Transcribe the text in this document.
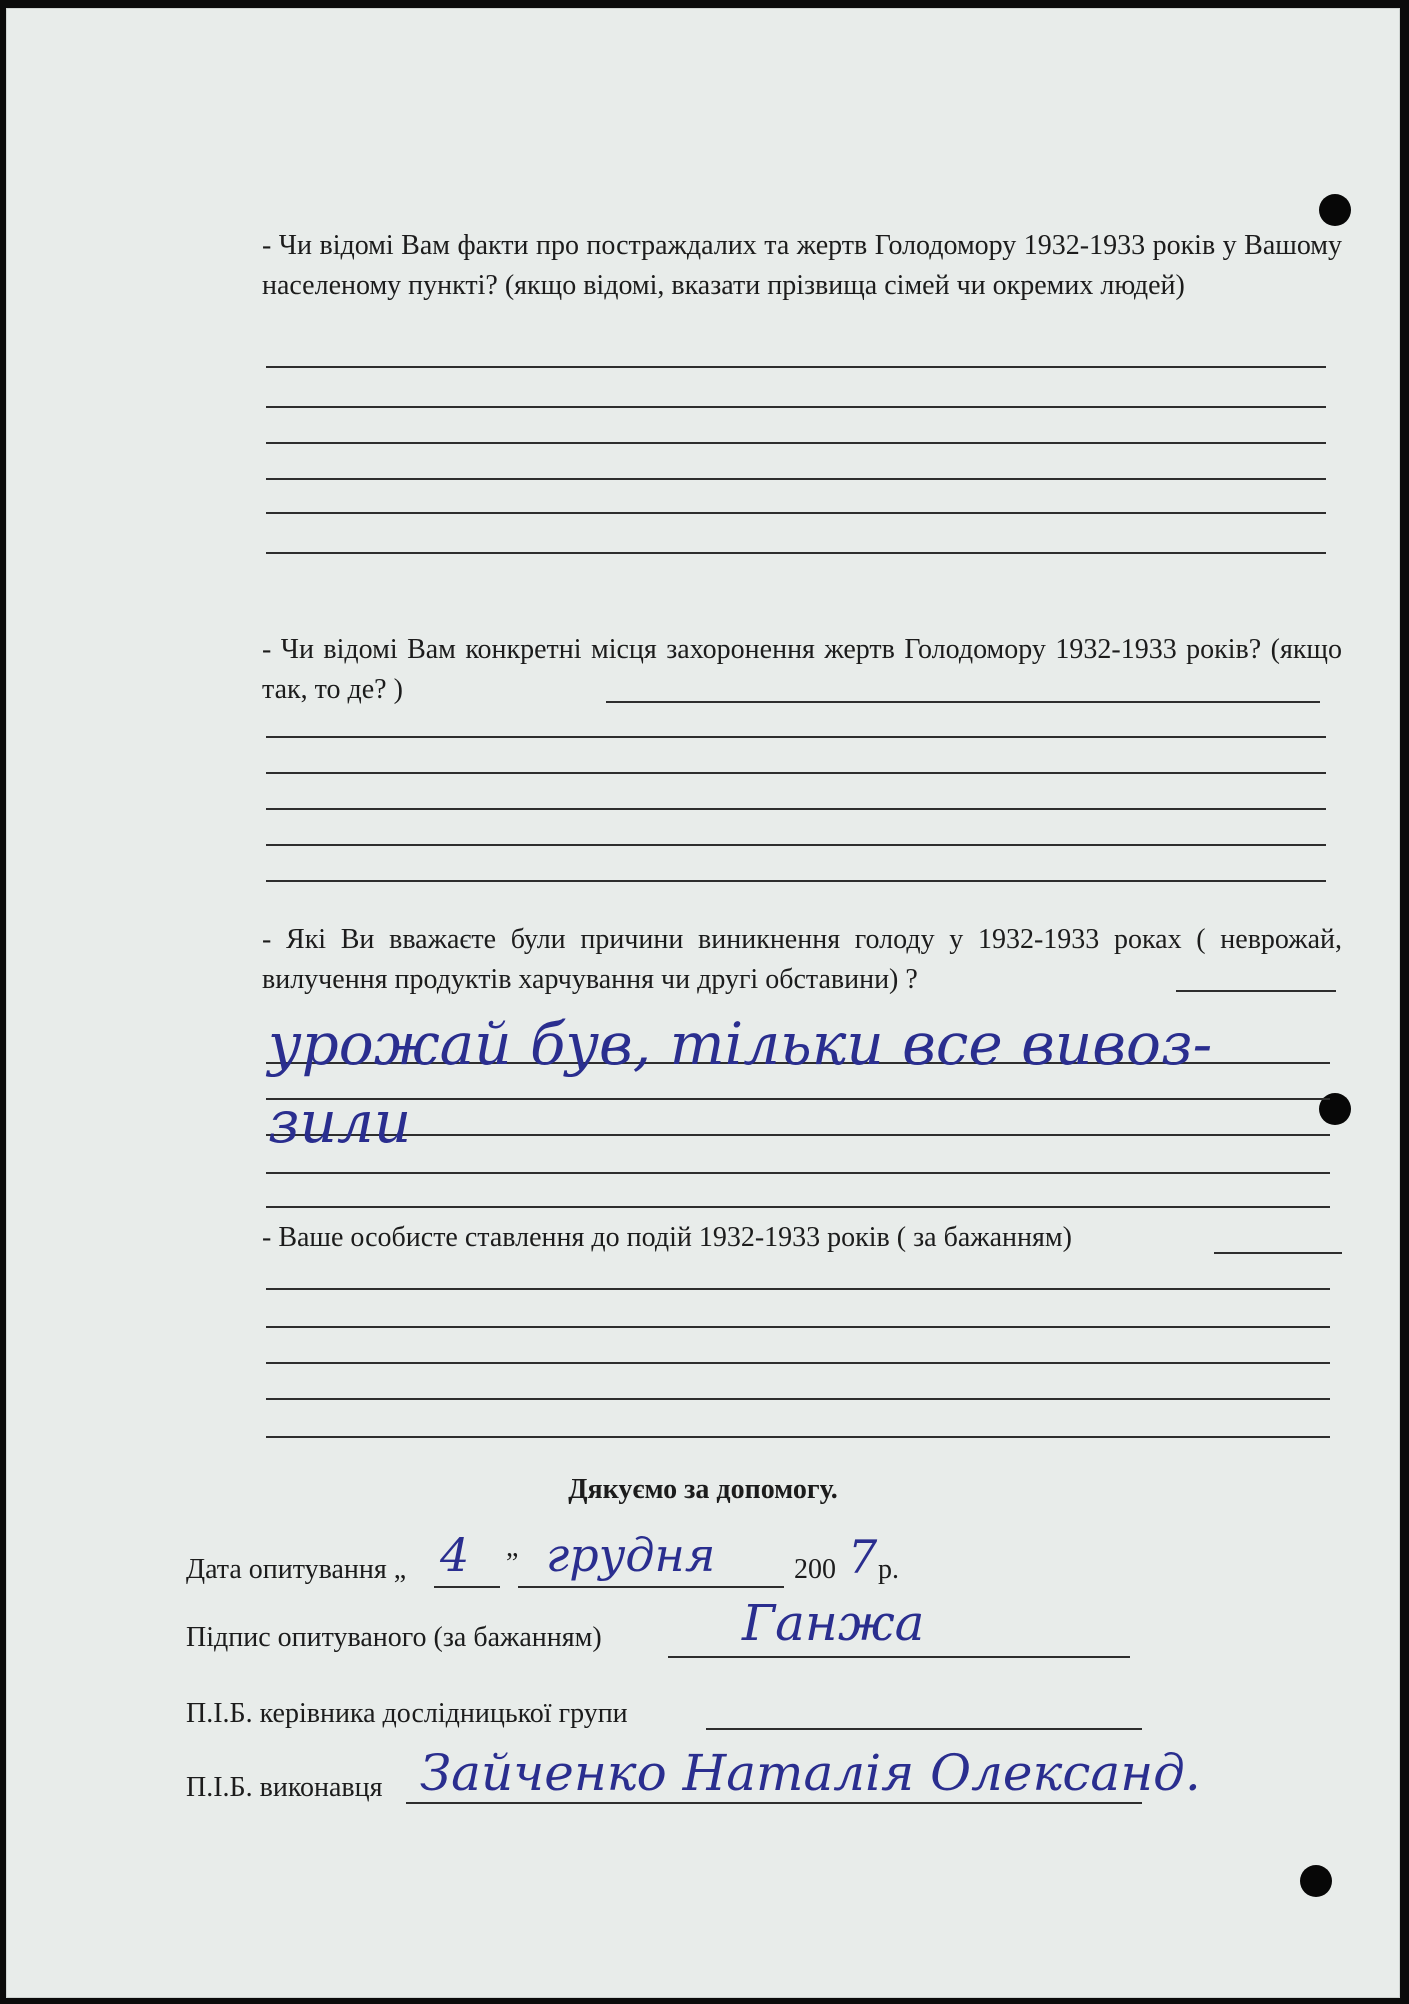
- Чи відомі Вам факти про постраждалих та жертв Голодомору 1932-1933 років у Вашому населеному пункті? (якщо відомі, вказати прізвища сімей чи окремих людей)

- Чи відомі Вам конкретні місця захоронення жертв Голодомору 1932-1933 років? (якщо так, то де? )

- Які Ви вважаєте були причини виникнення голоду у 1932-1933 роках ( неврожай, вилучення продуктів харчування чи другі обставини) ?

урожай був, тільки все вивоз-
зили

- Ваше особисте ставлення до подій 1932-1933 років ( за бажанням)

Дякуємо за допомогу.
Дата опитування „ 4 ” грудня	200 7 р.
Підпис опитуваного (за бажанням)	Ганжа
П.І.Б. керівника дослідницької групи
П.І.Б. виконавця Зайченко Наталія Олександ.
